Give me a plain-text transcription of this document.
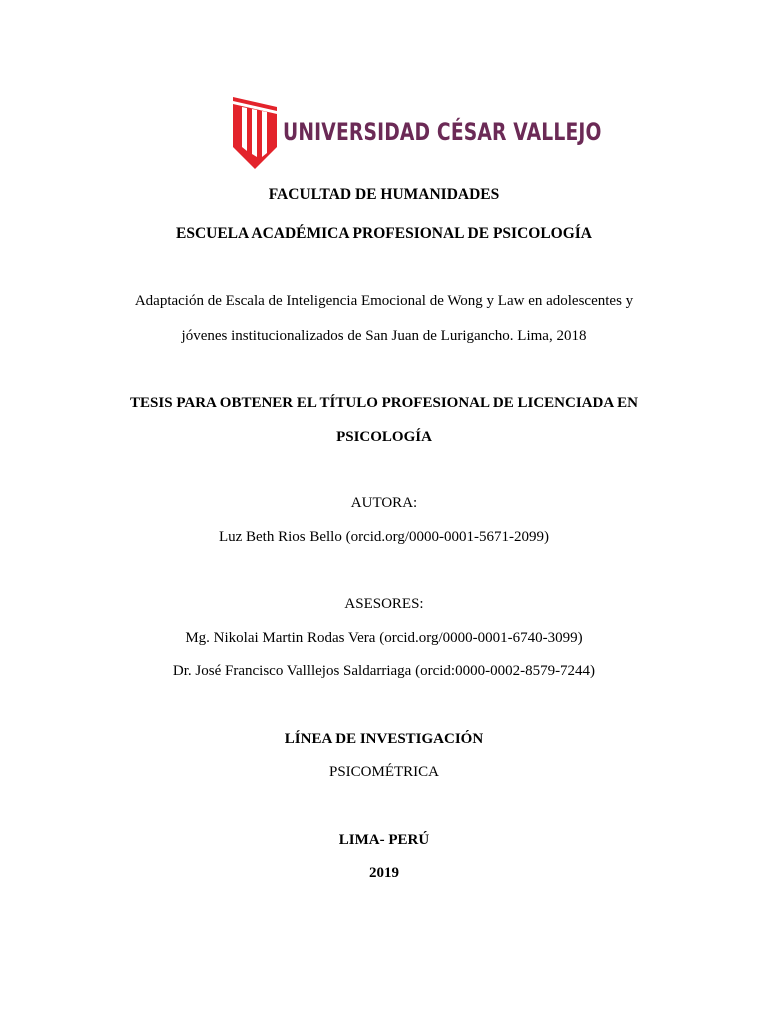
UNIVERSIDAD CÉSAR VALLEJO
FACULTAD DE HUMANIDADES
ESCUELA ACADÉMICA PROFESIONAL DE PSICOLOGÍA
Adaptación de Escala de Inteligencia Emocional de Wong y Law en adolescentes y
jóvenes institucionalizados de San Juan de Lurigancho. Lima, 2018
TESIS PARA OBTENER EL TÍTULO PROFESIONAL DE LICENCIADA EN
PSICOLOGÍA
AUTORA:
Luz Beth Rios Bello (orcid.org/0000-0001-5671-2099)
ASESORES:
Mg. Nikolai Martin Rodas Vera (orcid.org/0000-0001-6740-3099)
Dr. José Francisco Valllejos Saldarriaga (orcid:0000-0002-8579-7244)
LÍNEA DE INVESTIGACIÓN
PSICOMÉTRICA
LIMA- PERÚ
2019
